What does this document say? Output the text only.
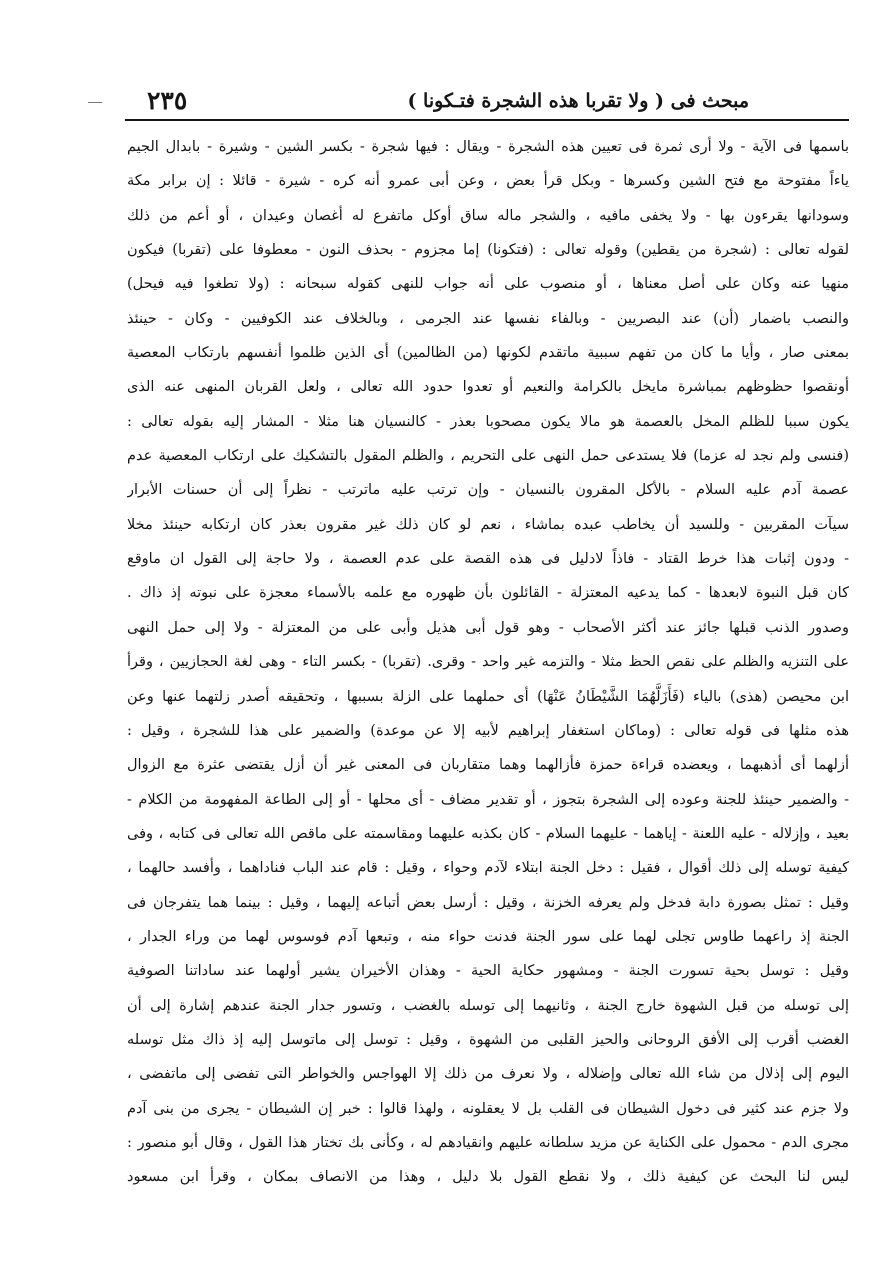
مبحث فى ( ولا تقربا هذه الشجرة فتـكونا )
٢٣٥
باسمها فى الآية - ولا أرى ثمرة فى تعيين هذه الشجرة - ويقال : فيها شجرة - بكسر الشين - وشيرة - بابدال الجيم
ياءاً مفتوحة مع فتح الشين وكسرها - وبكل قرأ بعض ، وعن أبى عمرو أنه كره - شيرة - قائلا : إن برابر مكة
وسودانها يقرءون بها - ولا يخفى مافيه ، والشجر ماله ساق أوكل ماتفرع له أغصان وعيدان ، أو أعم من ذلك
لقوله تعالى : (شجرة من يقطين) وقوله تعالى : (فتكونا) إما مجزوم - بحذف النون - معطوفا على (تقربا) فيكون
منهيا عنه وكان على أصل معناها ، أو منصوب على أنه جواب للنهى كقوله سبحانه : (ولا تطغوا فيه فيحل)
والنصب باضمار (أن) عند البصريين - وبالفاء نفسها عند الجرمى ، وبالخلاف عند الكوفيين - وكان - حينئذ
بمعنى صار ، وأيا ما كان من تفهم سببية ماتقدم لكونها (من الظالمين) أى الذين ظلموا أنفسهم بارتكاب المعصية
أونقصوا حظوظهم بمباشرة مايخل بالكرامة والنعيم أو تعدوا حدود الله تعالى ، ولعل القربان المنهى عنه الذى
يكون سببا للظلم المخل بالعصمة هو مالا يكون مصحوبا بعذر - كالنسيان هنا مثلا - المشار إليه بقوله تعالى :
(فنسى ولم نجد له عزما) فلا يستدعى حمل النهى على التحريم ، والظلم المقول بالتشكيك على ارتكاب المعصية عدم
عصمة آدم عليه السلام - بالأكل المقرون بالنسيان - وإن ترتب عليه ماترتب - نظراً إلى أن حسنات الأبرار
سيآت المقربين - وللسيد أن يخاطب عبده بماشاء ، نعم لو كان ذلك غير مقرون بعذر كان ارتكابه حينئذ مخلا
- ودون إثبات هذا خرط القتاد - فاذاً لادليل فى هذه القصة على عدم العصمة ، ولا حاجة إلى القول ان ماوقع
كان قبل النبوة لابعدها - كما يدعيه المعتزلة - القائلون بأن ظهوره مع علمه بالأسماء معجزة على نبوته إذ ذاك .
وصدور الذنب قبلها جائز عند أكثر الأصحاب - وهو قول أبى هذيل وأبى على من المعتزلة - ولا إلى حمل النهى
على التنزيه والظلم على نقص الحظ مثلا - والتزمه غير واحد - وقرى. (تقربا) - بكسر التاء - وهى لغة الحجازيين ، وقرأ
ابن محيصن (هذى) بالياء (فَأَزَلَّهُمَا الشَّيْطَانُ عَنْهَا) أى حملهما على الزلة بسببها ، وتحقيقه أصدر زلتهما عنها وعن
هذه مثلها فى قوله تعالى : (وماكان استغفار إبراهيم لأبيه إلا عن موعدة) والضمير على هذا للشجرة ، وقيل :
أزلهما أى أذهبهما ، ويعضده قراءة حمزة فأزالهما وهما متقاربان فى المعنى غير أن أزل يقتضى عثرة مع الزوال
- والضمير حينئذ للجنة وعوده إلى الشجرة بتجوز ، أو تقدير مضاف - أى محلها - أو إلى الطاعة المفهومة من الكلام -
بعيد ، وإزلاله - عليه اللعنة - إياهما - عليهما السلام - كان بكذبه عليهما ومقاسمته على ماقص الله تعالى فى كتابه ، وفى
كيفية توسله إلى ذلك أقوال ، فقيل : دخل الجنة ابتلاء لآدم وحواء ، وقيل : قام عند الباب فناداهما ، وأفسد حالهما ،
وقيل : تمثل بصورة دابة فدخل ولم يعرفه الخزنة ، وقيل : أرسل بعض أتباعه إليهما ، وقيل : بينما هما يتفرجان فى
الجنة إذ راعهما طاوس تجلى لهما على سور الجنة فدنت حواء منه ، وتبعها آدم فوسوس لهما من وراء الجدار ،
وقيل : توسل بحية تسورت الجنة - ومشهور حكاية الحية - وهذان الأخيران يشير أولهما عند ساداتنا الصوفية
إلى توسله من قبل الشهوة خارج الجنة ، وثانيهما إلى توسله بالغضب ، وتسور جدار الجنة عندهم إشارة إلى أن
الغضب أقرب إلى الأفق الروحانى والحيز القلبى من الشهوة ، وقيل : توسل إلى ماتوسل إليه إذ ذاك مثل توسله
اليوم إلى إذلال من شاء الله تعالى وإضلاله ، ولا نعرف من ذلك إلا الهواجس والخواطر التى تفضى إلى ماتفضى ،
ولا جزم عند كثير فى دخول الشيطان فى القلب بل لا يعقلونه ، ولهذا قالوا : خبر إن الشيطان - يجرى من بنى آدم
مجرى الدم - محمول على الكناية عن مزيد سلطانه عليهم وانقيادهم له ، وكأنى بك تختار هذا القول ، وقال أبو منصور :
ليس لنا البحث عن كيفية ذلك ، ولا نقطع القول بلا دليل ، وهذا من الانصاف بمكان ، وقرأ ابن مسعود
